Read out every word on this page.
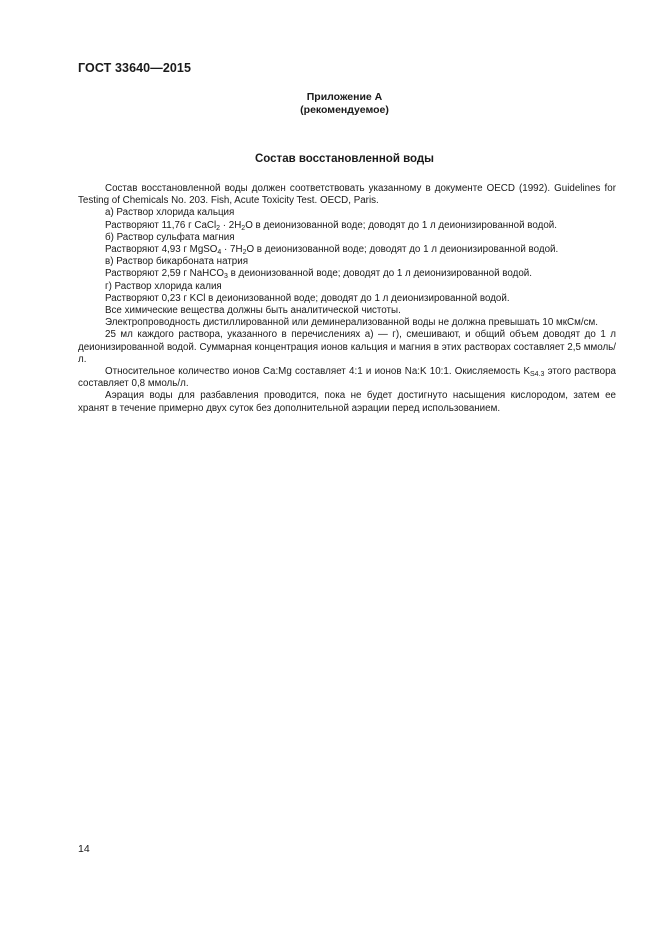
ГОСТ 33640—2015
Приложение А
(рекомендуемое)
Состав восстановленной воды

Состав восстановленной воды должен соответствовать указанному в документе OECD (1992). Guidelines for Testing of Chemicals No. 203. Fish, Acute Toxicity Test. OECD, Paris.

а) Раствор хлорида кальция

Растворяют 11,76 г CaCl$_2$ · $2H_2O$ в деионизованной воде; доводят до 1 л деионизированной водой.

б) Раствор сульфата магния

Растворяют 4,93 г MgSO$_4$ · $7H_2O$ в деионизованной воде; доводят до 1 л деионизированной водой.

в) Раствор бикарбоната натрия

Растворяют 2,59 г NaHCO$_3$ в деионизованной воде; доводят до 1 л деионизированной водой.

г) Раствор хлорида калия

Растворяют 0,23 г KCl в деионизованной воде; доводят до 1 л деионизированной водой.

Все химические вещества должны быть аналитической чистоты.

Электропроводность дистиллированной или деминерализованной воды не должна превышать 10 мкСм/см.

25 мл каждого раствора, указанного в перечислениях а) — г), смешивают, и общий объем доводят до 1 л деионизированной водой. Суммарная концентрация ионов кальция и магния в этих растворах составляет 2,5 ммоль/л.

Относительное количество ионов Ca:Mg составляет 4:1 и ионов Na:K 10:1. Окисляемость $K_{S4.3}$ этого раствора составляет 0,8 ммоль/л.

Аэрация воды для разбавления проводится, пока не будет достигнуто насыщения кислородом, затем ее хранят в течение примерно двух суток без дополнительной аэрации перед использованием.

14
